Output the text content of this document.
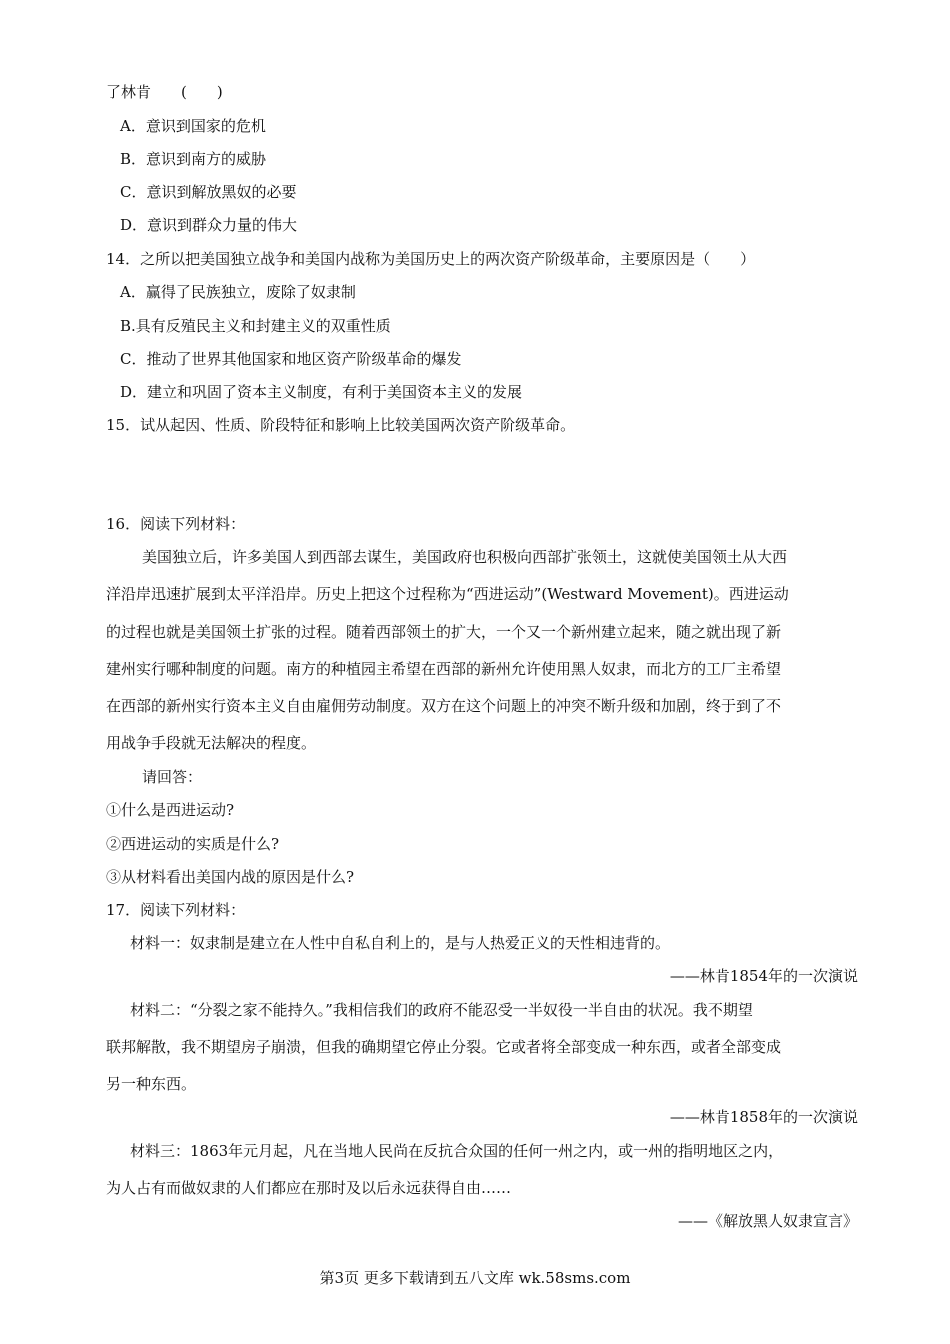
了林肯　　(　　)
A．意识到国家的危机
B．意识到南方的威胁
C．意识到解放黑奴的必要
D．意识到群众力量的伟大
14．之所以把美国独立战争和美国内战称为美国历史上的两次资产阶级革命，主要原因是（　　）
A．赢得了民族独立，废除了奴隶制
B.具有反殖民主义和封建主义的双重性质
C．推动了世界其他国家和地区资产阶级革命的爆发
D．建立和巩固了资本主义制度，有利于美国资本主义的发展
15．试从起因、性质、阶段特征和影响上比较美国两次资产阶级革命。
16．阅读下列材料：
美国独立后，许多美国人到西部去谋生，美国政府也积极向西部扩张领土，这就使美国领土从大西
洋沿岸迅速扩展到太平洋沿岸。历史上把这个过程称为“西进运动”(Westward Movement)。西进运动
的过程也就是美国领土扩张的过程。随着西部领土的扩大，一个又一个新州建立起来，随之就出现了新
建州实行哪种制度的问题。南方的种植园主希望在西部的新州允许使用黑人奴隶，而北方的工厂主希望
在西部的新州实行资本主义自由雇佣劳动制度。双方在这个问题上的冲突不断升级和加剧，终于到了不
用战争手段就无法解决的程度。
请回答：
①什么是西进运动?
②西进运动的实质是什么?
③从材料看出美国内战的原因是什么?
17．阅读下列材料：
材料一：奴隶制是建立在人性中自私自利上的，是与人热爱正义的天性相违背的。
——林肯1854年的一次演说
材料二：“分裂之家不能持久。”我相信我们的政府不能忍受一半奴役一半自由的状况。我不期望
联邦解散，我不期望房子崩溃，但我的确期望它停止分裂。它或者将全部变成一种东西，或者全部变成
另一种东西。
——林肯1858年的一次演说
材料三：1863年元月起，凡在当地人民尚在反抗合众国的任何一州之内，或一州的指明地区之内，
为人占有而做奴隶的人们都应在那时及以后永远获得自由……
——《解放黑人奴隶宣言》
第3页 更多下载请到五八文库 wk.58sms.com
